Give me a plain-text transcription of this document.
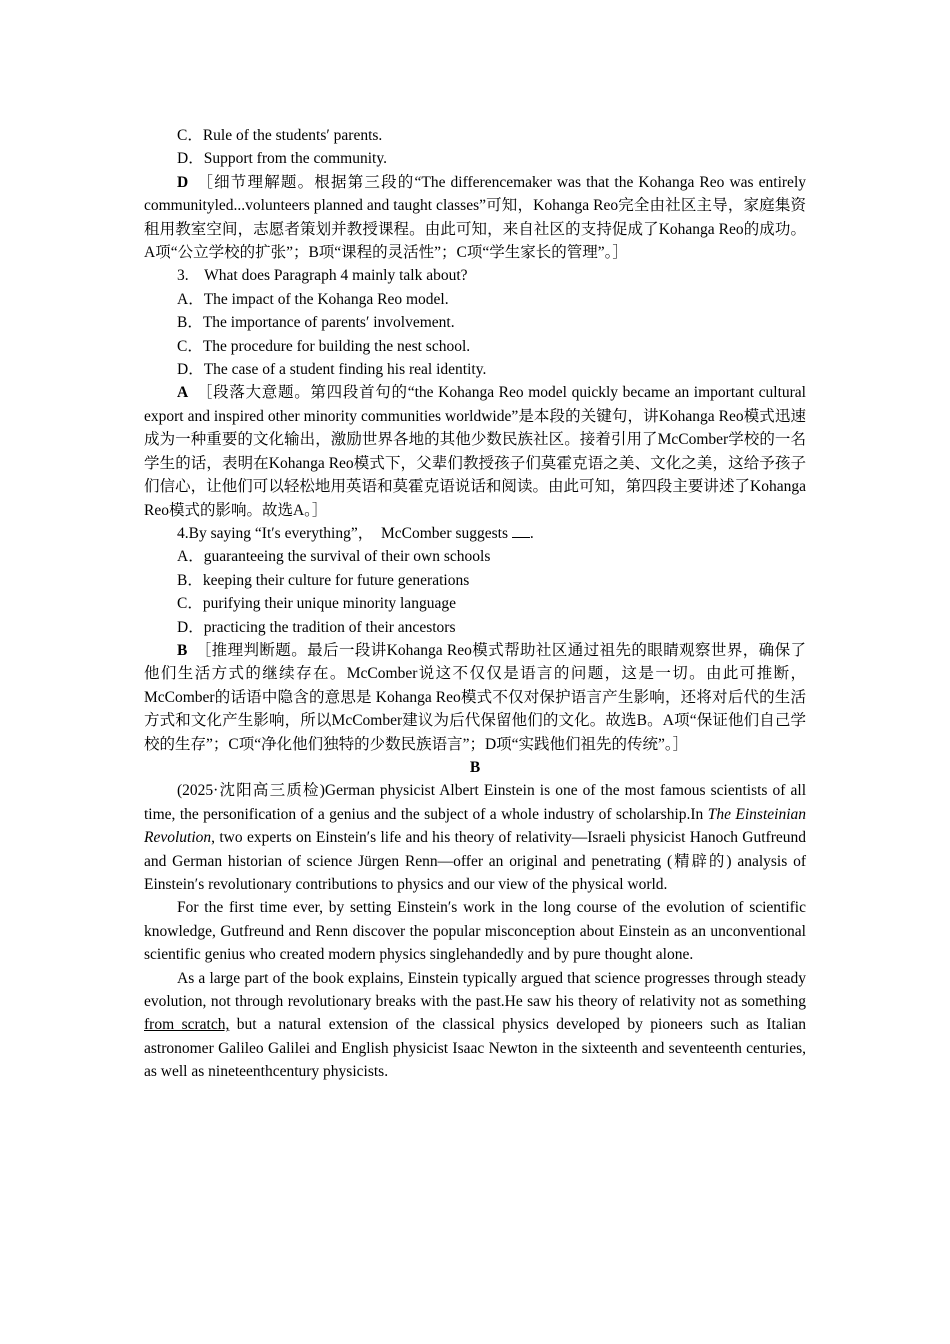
C．Rule of the students′ parents.

D．Support from the community.

D ［细节理解题。根据第三段的“The differencemaker was that the Kohanga Reo was entirely communityled...volunteers planned and taught classes”可知，Kohanga Reo完全由社区主导，家庭集资租用教室空间，志愿者策划并教授课程。由此可知，来自社区的支持促成了Kohanga Reo的成功。A项“公立学校的扩张”；B项“课程的灵活性”；C项“学生家长的管理”。］

3.　What does Paragraph 4 mainly talk about?

A．The impact of the Kohanga Reo model.

B．The importance of parents′ involvement.

C．The procedure for building the nest school.

D．The case of a student finding his real identity.

A ［段落大意题。第四段首句的“the Kohanga Reo model quickly became an important cultural export and inspired other minority communities worldwide”是本段的关键句，讲Kohanga Reo模式迅速成为一种重要的文化输出，激励世界各地的其他少数民族社区。接着引用了McComber学校的一名学生的话，表明在Kohanga Reo模式下，父辈们教授孩子们莫霍克语之美、文化之美，这给予孩子们信心，让他们可以轻松地用英语和莫霍克语说话和阅读。由此可知，第四段主要讲述了Kohanga Reo模式的影响。故选A。］

4.By saying “It′s everything”，　McComber suggests .

A．guaranteeing the survival of their own schools

B．keeping their culture for future generations

C．purifying their unique minority language

D．practicing the tradition of their ancestors

B ［推理判断题。最后一段讲Kohanga Reo模式帮助社区通过祖先的眼睛观察世界，确保了他们生活方式的继续存在。McComber说这不仅仅是语言的问题，这是一切。由此可推断，McComber的话语中隐含的意思是 Kohanga Reo模式不仅对保护语言产生影响，还将对后代的生活方式和文化产生影响，所以McComber建议为后代保留他们的文化。故选B。A项“保证他们自己学校的生存”；C项“净化他们独特的少数民族语言”；D项“实践他们祖先的传统”。］

B

(2025·沈阳高三质检)German physicist Albert Einstein is one of the most famous scientists of all time, the personification of a genius and the subject of a whole industry of scholarship.In The Einsteinian Revolution, two experts on Einstein′s life and his theory of relativity—Israeli physicist Hanoch Gutfreund and German historian of science Jürgen Renn—offer an original and penetrating (精辟的) analysis of Einstein′s revolutionary contributions to physics and our view of the physical world.

For the first time ever, by setting Einstein′s work in the long course of the evolution of scientific knowledge, Gutfreund and Renn discover the popular misconception about Einstein as an unconventional scientific genius who created modern physics singlehandedly and by pure thought alone.

As a large part of the book explains, Einstein typically argued that science progresses through steady evolution, not through revolutionary breaks with the past.He saw his theory of relativity not as something from scratch, but a natural extension of the classical physics developed by pioneers such as Italian astronomer Galileo Galilei and English physicist Isaac Newton in the sixteenth and seventeenth centuries, as well as nineteenthcentury physicists.
